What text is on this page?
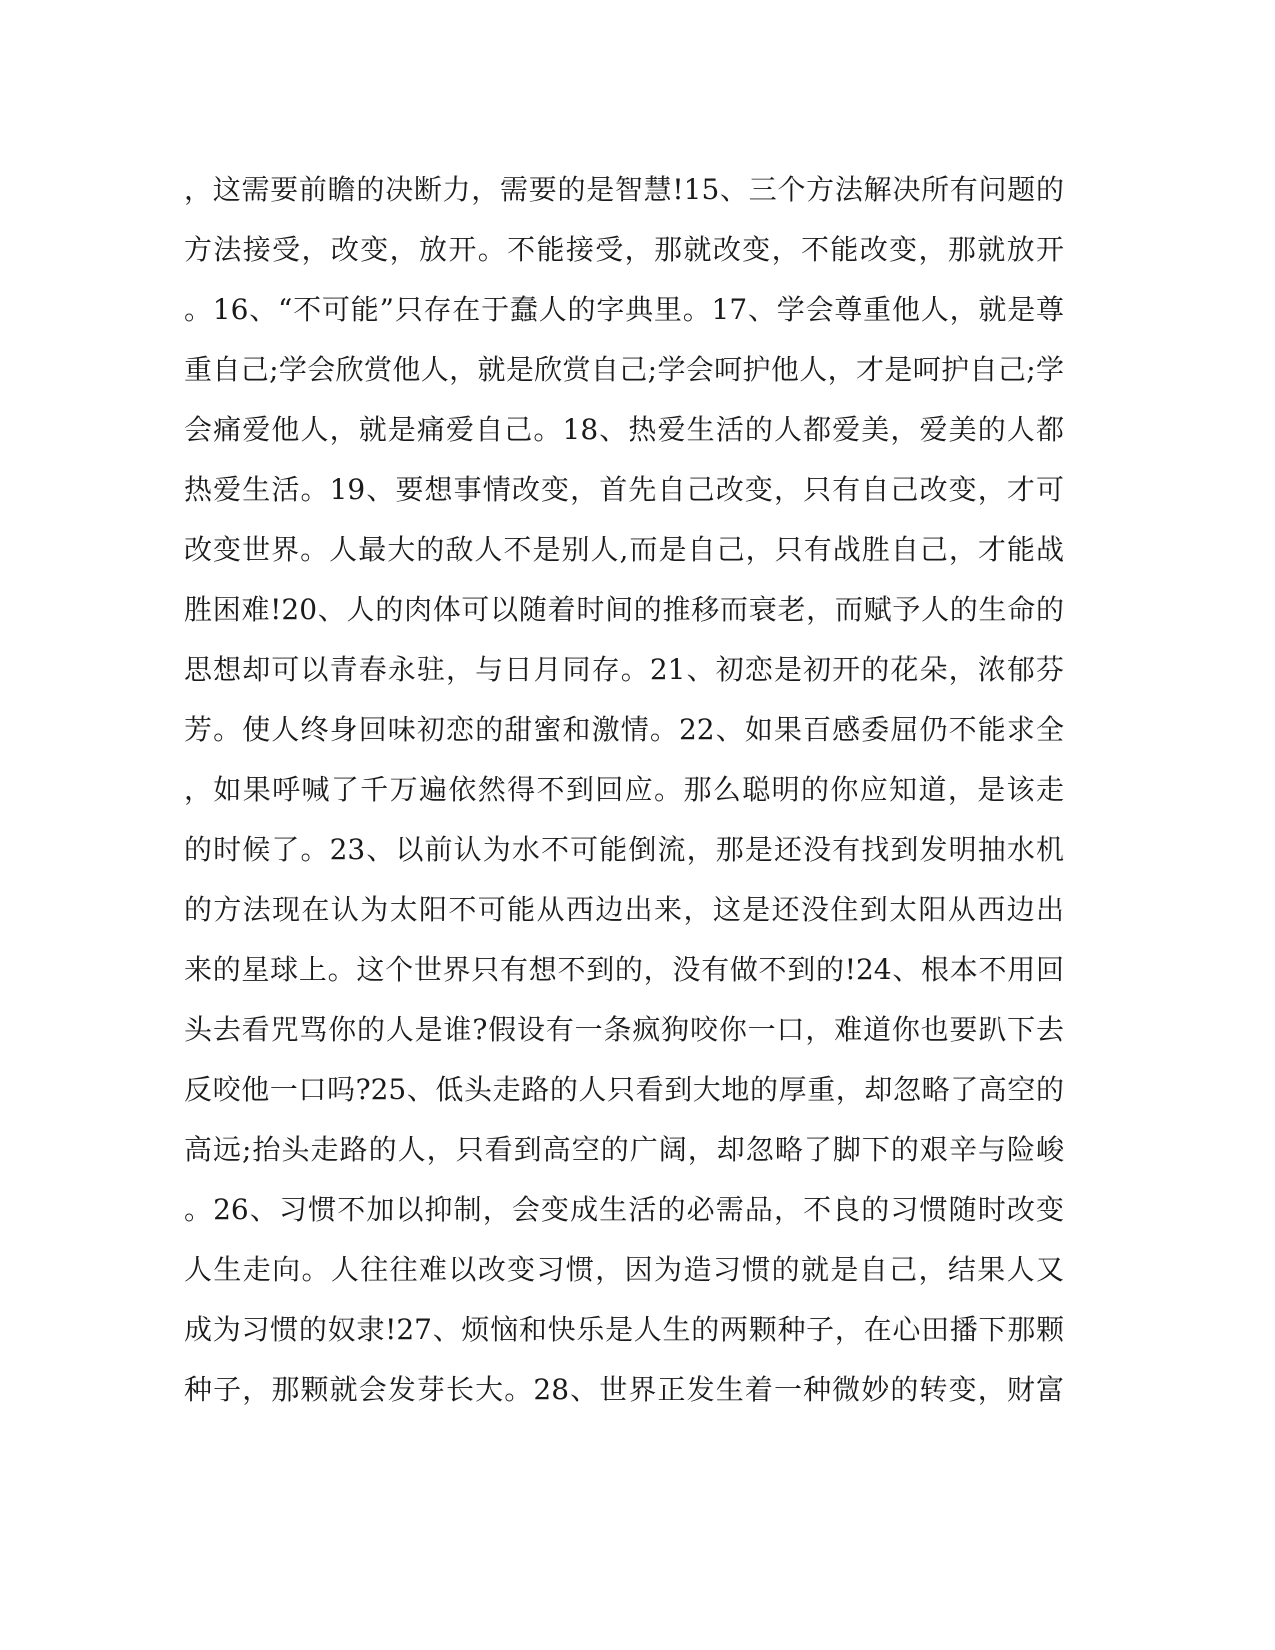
，这需要前瞻的决断力，需要的是智慧!15、三个方法解决所有问题的
方法接受，改变，放开。不能接受，那就改变，不能改变，那就放开
。16、“不可能”只存在于蠢人的字典里。17、学会尊重他人，就是尊
重自己;学会欣赏他人，就是欣赏自己;学会呵护他人，才是呵护自己;学
会痛爱他人，就是痛爱自己。18、热爱生活的人都爱美，爱美的人都
热爱生活。19、要想事情改变，首先自己改变，只有自己改变，才可
改变世界。人最大的敌人不是别人,而是自己，只有战胜自己，才能战
胜困难!20、人的肉体可以随着时间的推移而衰老，而赋予人的生命的
思想却可以青春永驻，与日月同存。21、初恋是初开的花朵，浓郁芬
芳。使人终身回味初恋的甜蜜和激情。22、如果百感委屈仍不能求全
，如果呼喊了千万遍依然得不到回应。那么聪明的你应知道，是该走
的时候了。23、以前认为水不可能倒流，那是还没有找到发明抽水机
的方法现在认为太阳不可能从西边出来，这是还没住到太阳从西边出
来的星球上。这个世界只有想不到的，没有做不到的!24、根本不用回
头去看咒骂你的人是谁?假设有一条疯狗咬你一口，难道你也要趴下去
反咬他一口吗?25、低头走路的人只看到大地的厚重，却忽略了高空的
高远;抬头走路的人，只看到高空的广阔，却忽略了脚下的艰辛与险峻
。26、习惯不加以抑制，会变成生活的必需品，不良的习惯随时改变
人生走向。人往往难以改变习惯，因为造习惯的就是自己，结果人又
成为习惯的奴隶!27、烦恼和快乐是人生的两颗种子，在心田播下那颗
种子，那颗就会发芽长大。28、世界正发生着一种微妙的转变，财富
